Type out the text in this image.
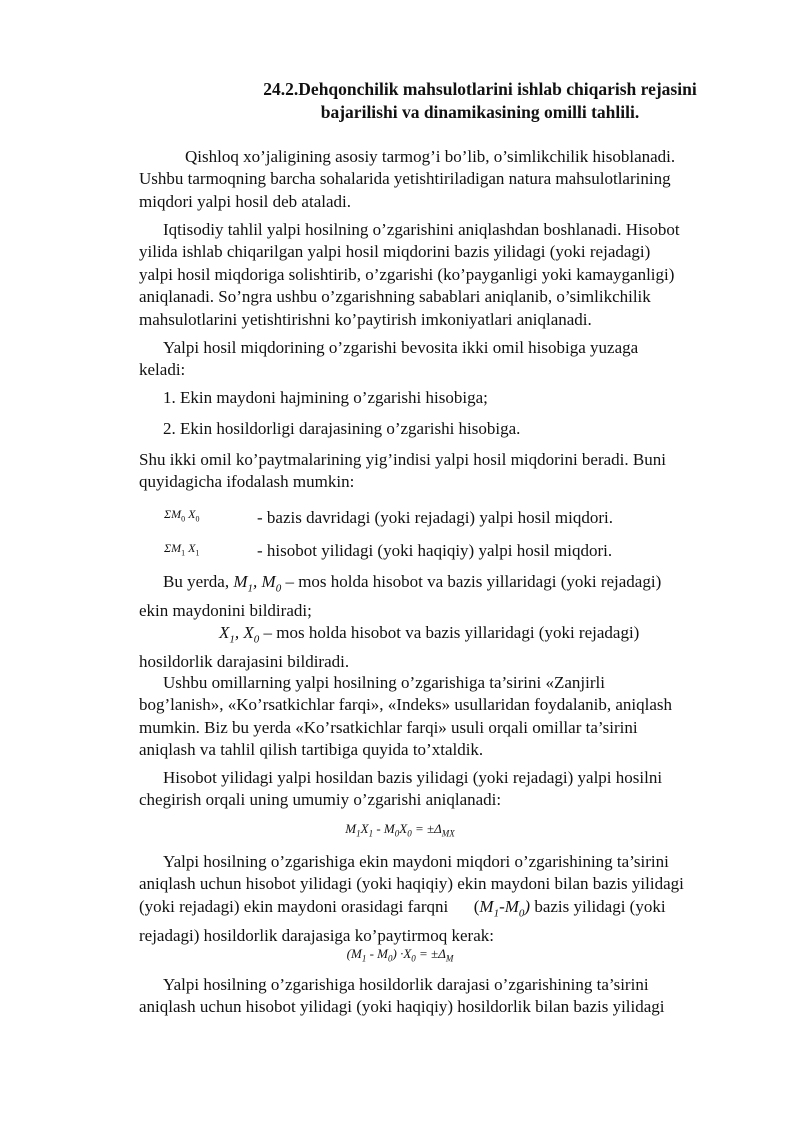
24.2.Dehqonchilik mahsulotlarini ishlab chiqarish rejasini
bajarilishi va dinamikasining omilli tahlili.
Qishloq xo’jaligining asosiy tarmog’i bo’lib, o’simlikchilik hisoblanadi.
Ushbu tarmoqning barcha sohalarida yetishtiriladigan natura mahsulotlarining
miqdori yalpi hosil deb ataladi.
Iqtisodiy tahlil yalpi hosilning o’zgarishini aniqlashdan boshlanadi. Hisobot
yilida ishlab chiqarilgan yalpi hosil miqdorini bazis yilidagi (yoki rejadagi)
yalpi hosil miqdoriga solishtirib, o’zgarishi (ko’payganligi yoki kamayganligi)
aniqlanadi. So’ngra ushbu o’zgarishning sabablari aniqlanib, o’simlikchilik
mahsulotlarini yetishtirishni ko’paytirish imkoniyatlari aniqlanadi.
Yalpi hosil miqdorining o’zgarishi bevosita ikki omil hisobiga yuzaga
keladi:
1. Ekin maydoni hajmining o’zgarishi hisobiga;
2. Ekin hosildorligi darajasining o’zgarishi hisobiga.
Shu ikki omil ko’paytmalarining yig’indisi yalpi hosil miqdorini beradi. Buni
quyidagicha ifodalash mumkin:
$\Sigma M_0$ $X_0$	- bazis davridagi (yoki rejadagi) yalpi hosil miqdori.
$\Sigma M_1$ $X_1$	- hisobot yilidagi (yoki haqiqiy) yalpi hosil miqdori.
Bu yerda, $M_1$, $M_0$ – mos holda hisobot va bazis yillaridagi (yoki rejadagi)
ekin maydonini bildiradi;
$X_1$, $X_0$ – mos holda hisobot va bazis yillaridagi (yoki rejadagi)
hosildorlik darajasini bildiradi.
Ushbu omillarning yalpi hosilning o’zgarishiga ta’sirini «Zanjirli
bog’lanish», «Ko’rsatkichlar farqi», «Indeks» usullaridan foydalanib, aniqlash
mumkin. Biz bu yerda «Ko’rsatkichlar farqi» usuli orqali omillar ta’sirini
aniqlash va tahlil qilish tartibiga quyida to’xtaldik.
Hisobot yilidagi yalpi hosildan bazis yilidagi (yoki rejadagi) yalpi hosilni
chegirish orqali uning umumiy o’zgarishi aniqlanadi:
$M_1X_1 - M_0X_0 = \pm\Delta_{MX}$
Yalpi hosilning o’zgarishiga ekin maydoni miqdori o’zgarishining ta’sirini
aniqlash uchun hisobot yilidagi (yoki haqiqiy) ekin maydoni bilan bazis yilidagi
(yoki rejadagi) ekin maydoni orasidagi farqni      $(M_1-M_0)$ bazis yilidagi (yoki
rejadagi) hosildorlik darajasiga ko’paytirmoq kerak:
$(M_1 - M_0) \cdot X_0 = \pm\Delta_M$
Yalpi hosilning o’zgarishiga hosildorlik darajasi o’zgarishining ta’sirini
aniqlash uchun hisobot yilidagi (yoki haqiqiy) hosildorlik bilan bazis yilidagi
